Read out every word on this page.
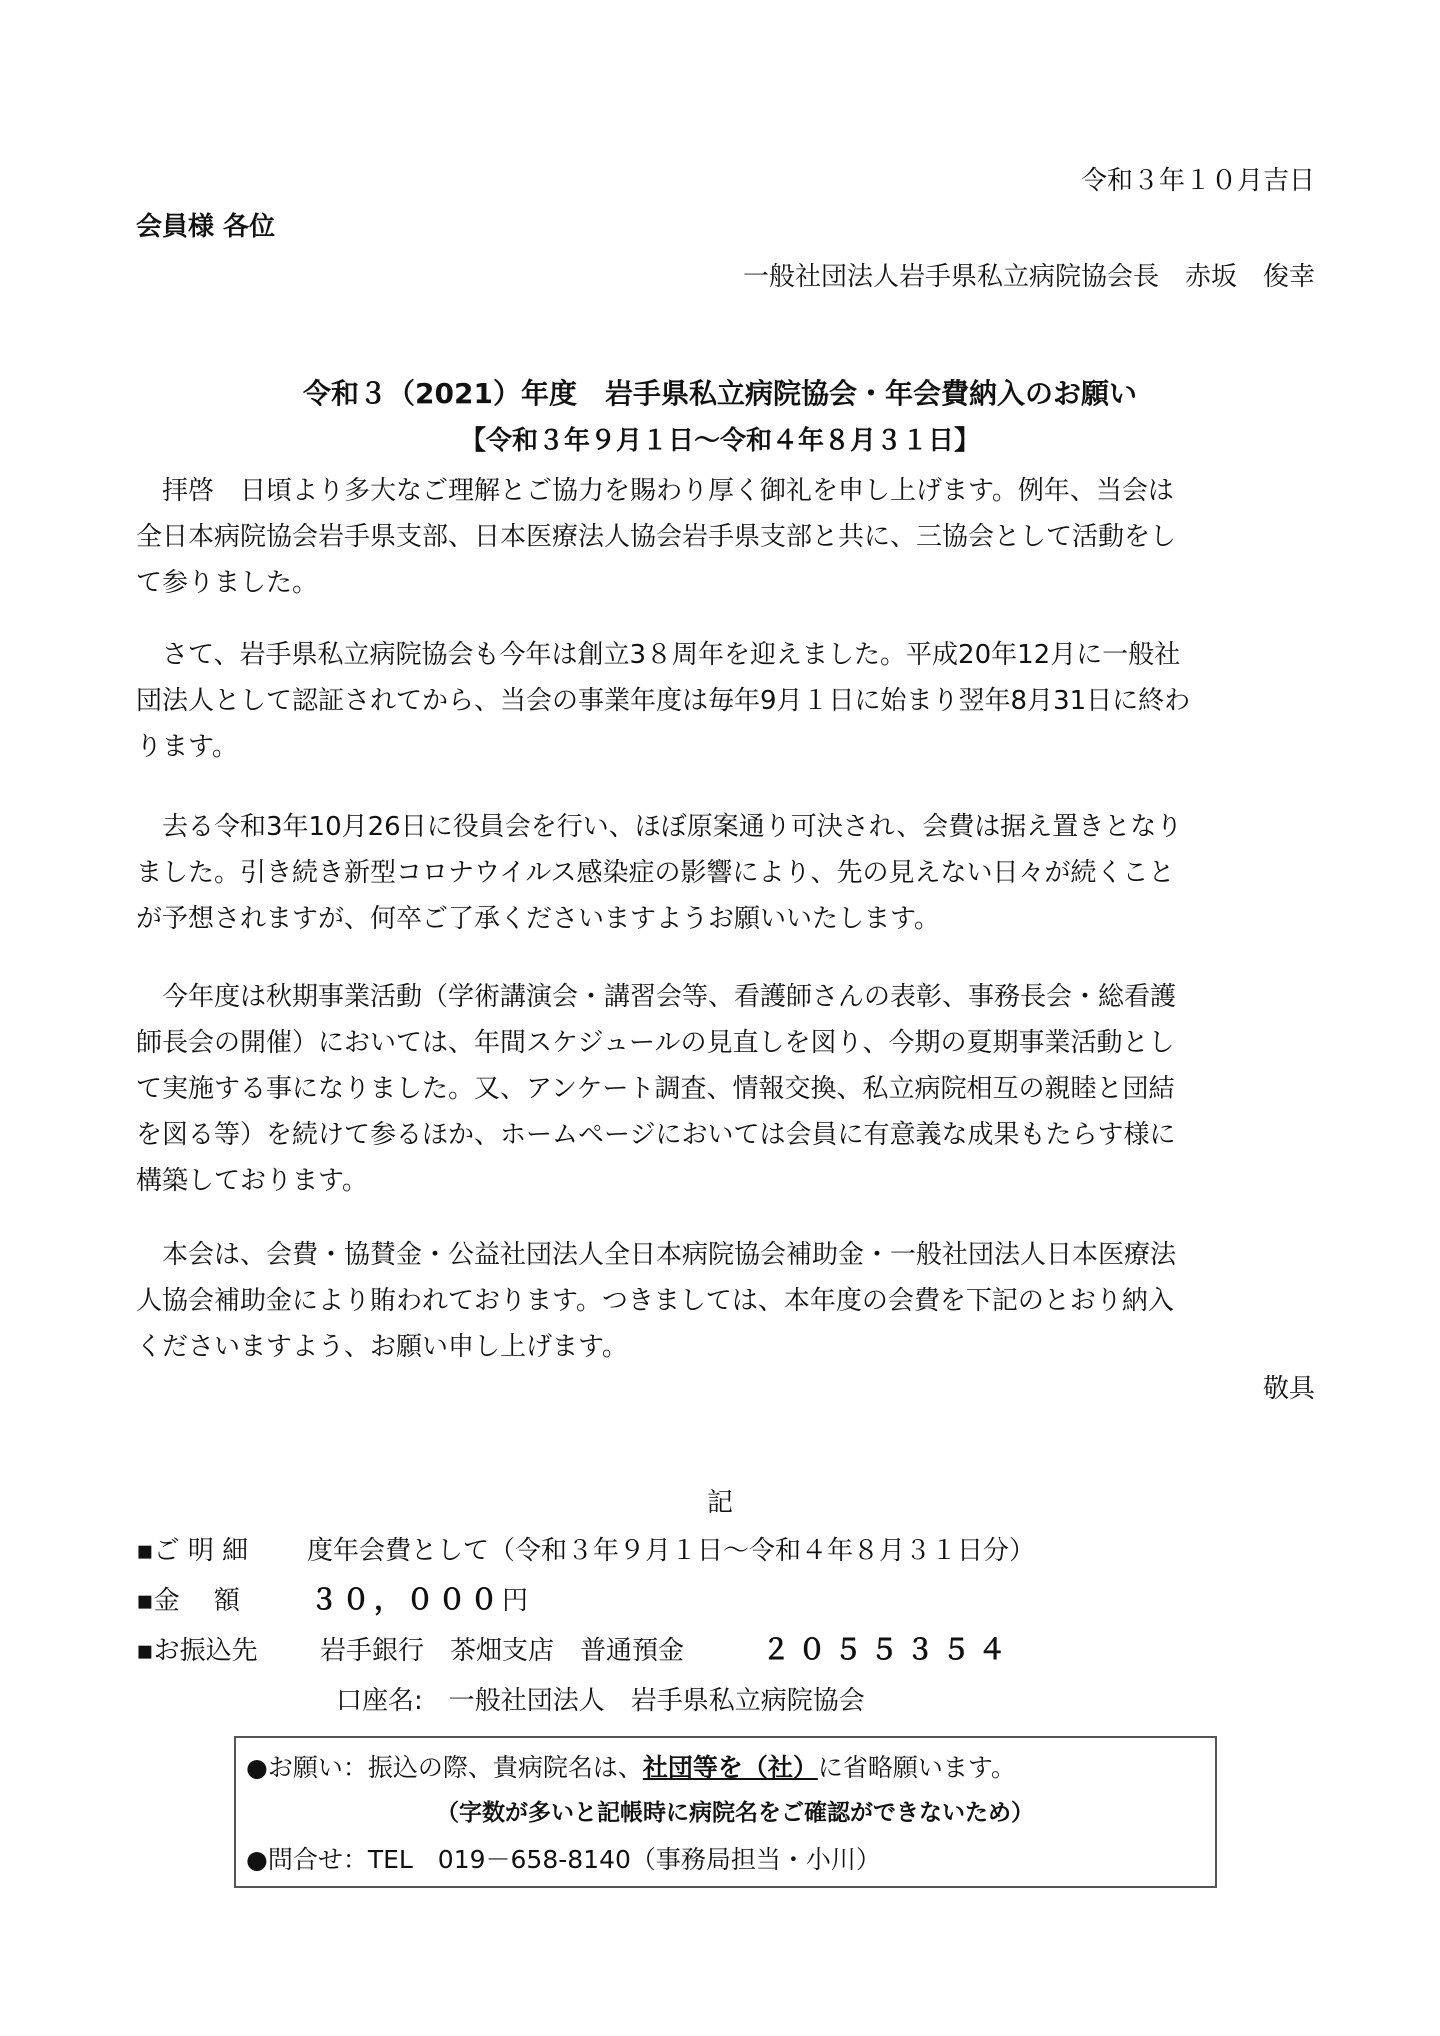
令和３年１０月吉日
会員様 各位
一般社団法人岩手県私立病院協会長　赤坂　俊幸
令和３（2021）年度　岩手県私立病院協会・年会費納入のお願い
【令和３年９月１日〜令和４年８月３１日】
　拝啓　日頃より多大なご理解とご協力を賜わり厚く御礼を申し上げます。例年、当会は
全日本病院協会岩手県支部、日本医療法人協会岩手県支部と共に、三協会として活動をし
て参りました。
　さて、岩手県私立病院協会も今年は創立3８周年を迎えました。平成20年12月に一般社
団法人として認証されてから、当会の事業年度は毎年9月１日に始まり翌年8月31日に終わ
ります。
　去る令和3年10月26日に役員会を行い、ほぼ原案通り可決され、会費は据え置きとなり
ました。引き続き新型コロナウイルス感染症の影響により、先の見えない日々が続くこと
が予想されますが、何卒ご了承くださいますようお願いいたします。
　今年度は秋期事業活動（学術講演会・講習会等、看護師さんの表彰、事務長会・総看護
師長会の開催）においては、年間スケジュールの見直しを図り、今期の夏期事業活動とし
て実施する事になりました。又、アンケート調査、情報交換、私立病院相互の親睦と団結
を図る等）を続けて参るほか、ホームページにおいては会員に有意義な成果もたらす様に
構築しております。
　本会は、会費・協賛金・公益社団法人全日本病院協会補助金・一般社団法人日本医療法
人協会補助金により賄われております。つきましては、本年度の会費を下記のとおり納入
くださいますよう、お願い申し上げます。
敬具
記
▪ご 明 細 度年会費として（令和３年９月１日〜令和４年８月３１日分）
▪金　 額	３０，０００円
▪お振込先 岩手銀行　茶畑支店　普通預金	２０５５３５４
口座名:　一般社団法人　岩手県私立病院協会
●お願い：振込の際、貴病院名は、社団等を（社）に省略願います。
（字数が多いと記帳時に病院名をご確認ができないため）
●問合せ：TEL　019－658-8140（事務局担当・小川）
